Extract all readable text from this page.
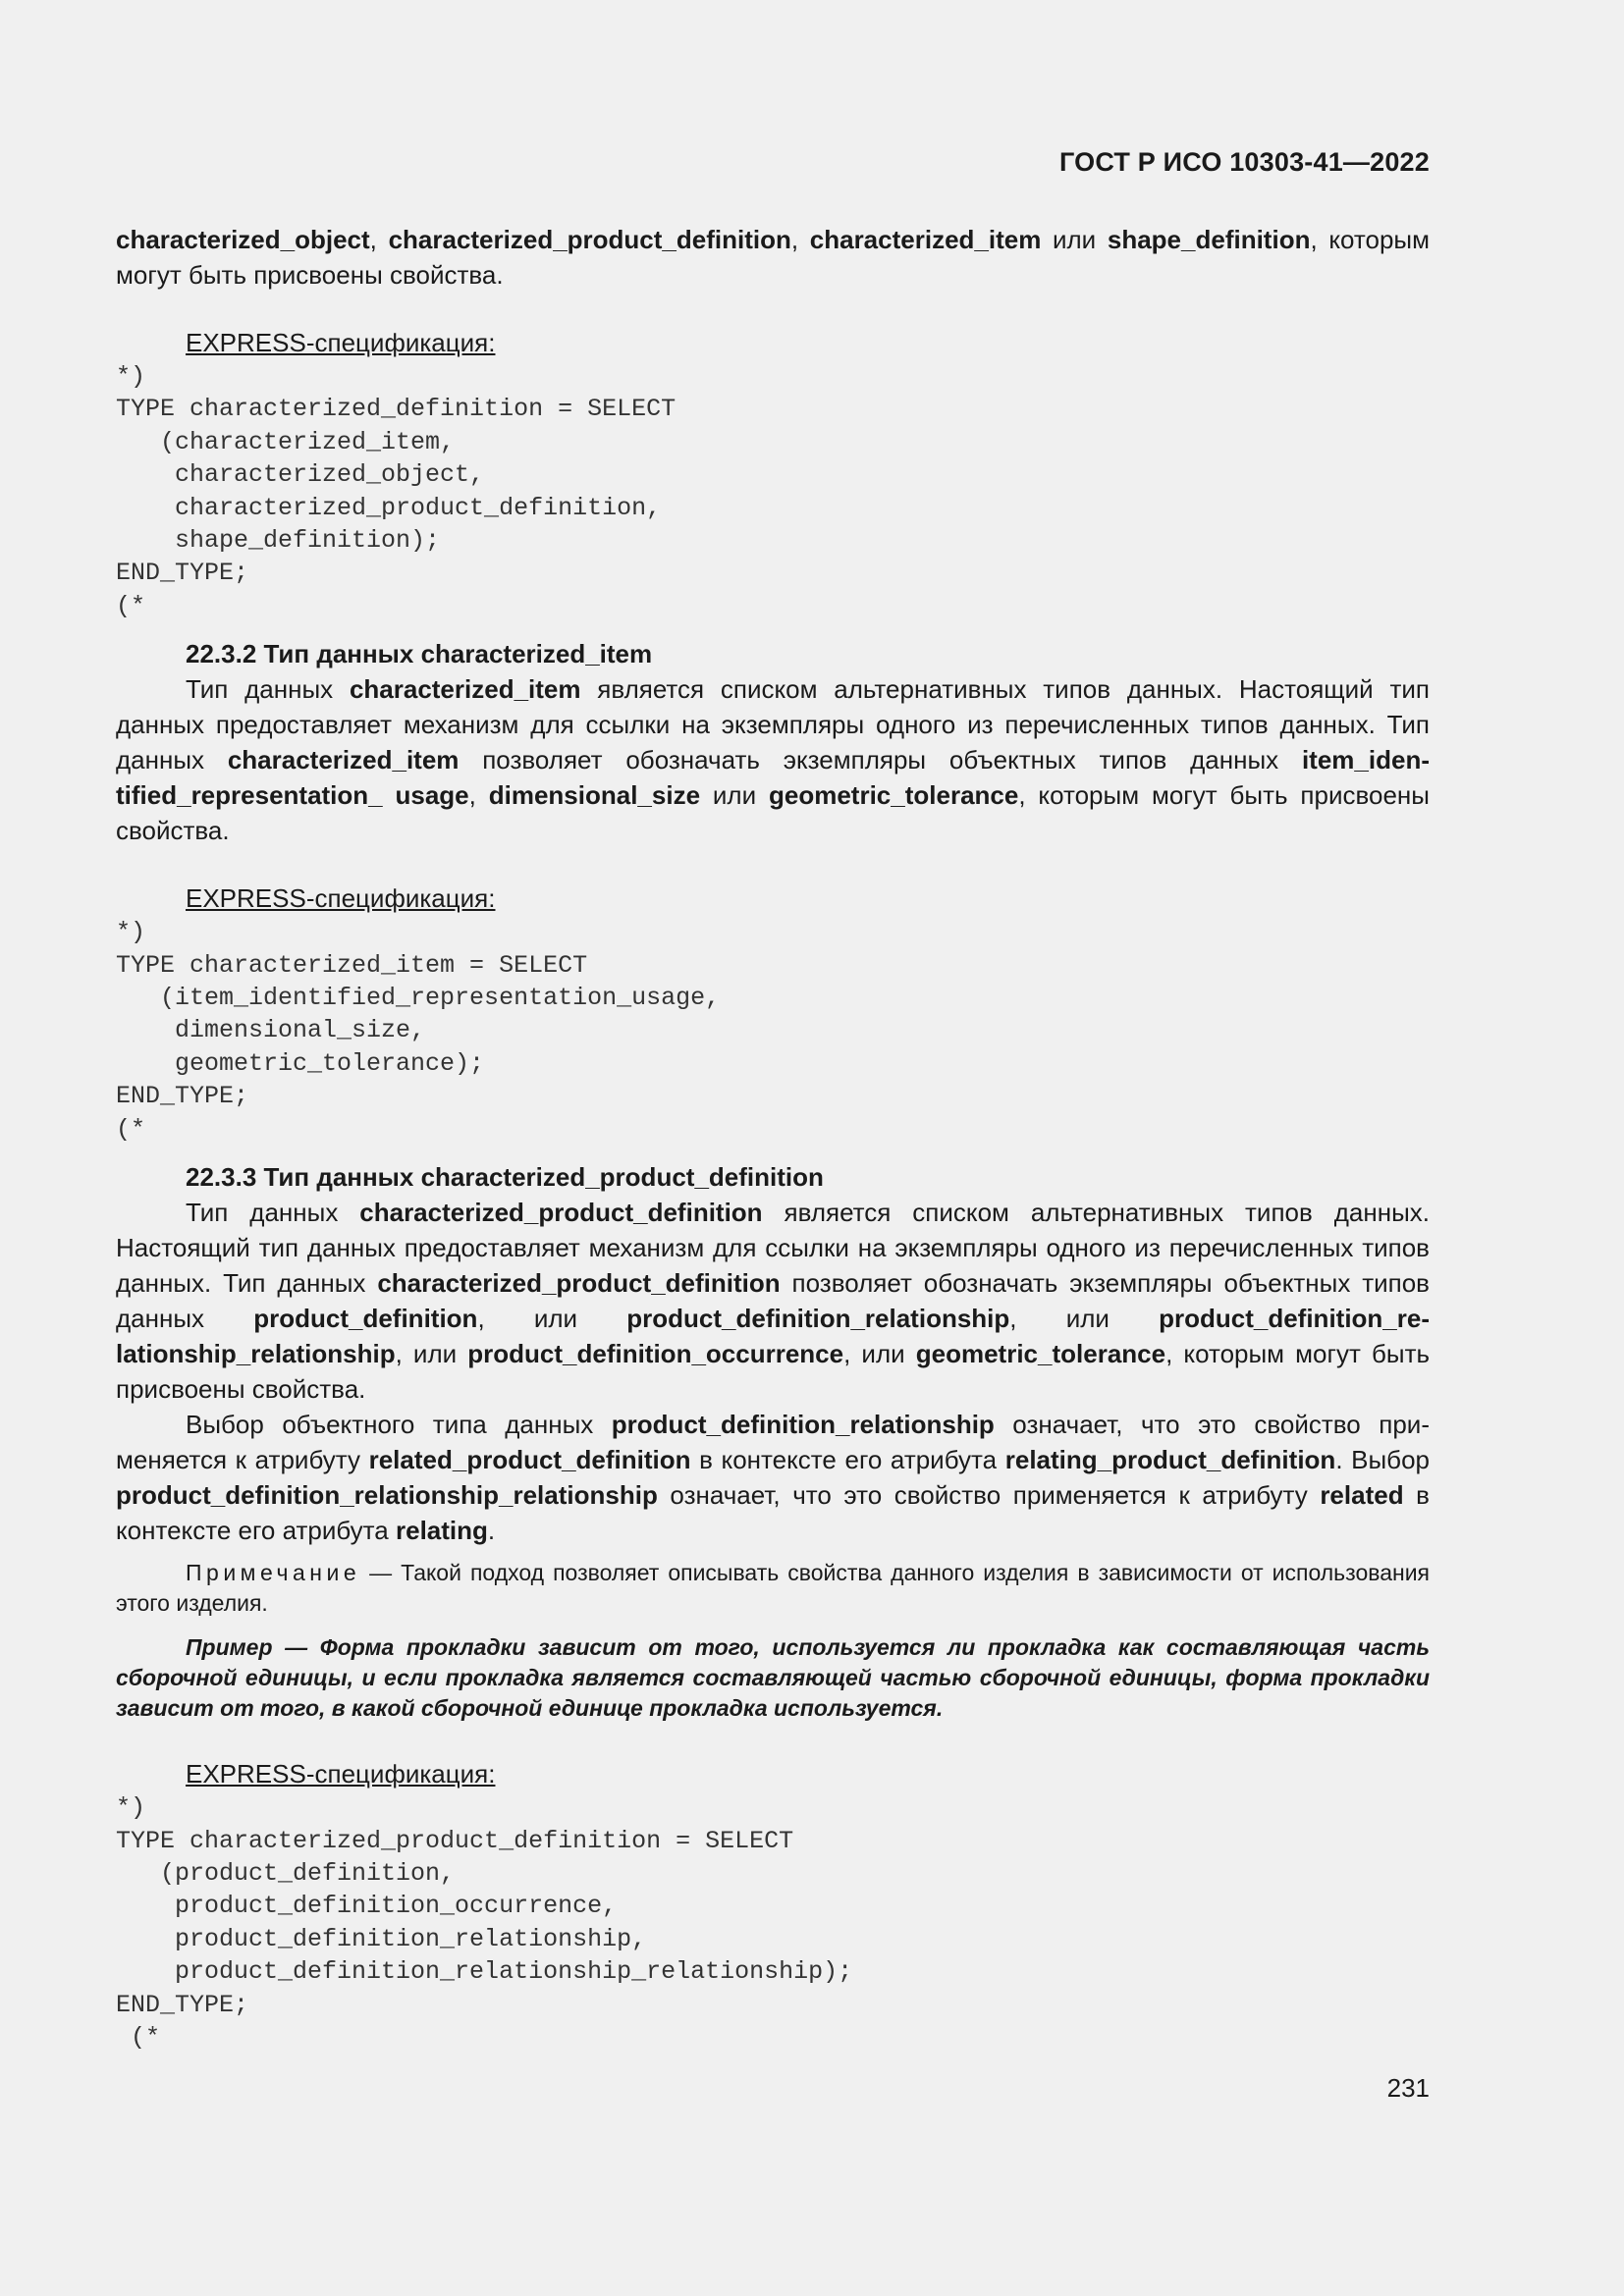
ГОСТ Р ИСО 10303-41—2022

characterized_object, characterized_product_definition, characterized_item или shape_definition, которым могут быть присвоены свойства.

EXPRESS-спецификация:
*)
TYPE characterized_definition = SELECT
(characterized_item,
characterized_object,
characterized_product_definition,
shape_definition);
END_TYPE;
(*
22.3.2 Тип данных characterized_item

Тип данных characterized_item является списком альтернативных типов данных. Настоящий тип данных предоставляет механизм для ссылки на экземпляры одного из перечисленных типов данных. Тип данных characterized_item позволяет обозначать экземпляры объектных типов данных item_identified_representation_ usage, dimensional_size или geometric_tolerance, которым могут быть присвоены свойства.

EXPRESS-спецификация:
*)
TYPE characterized_item = SELECT
(item_identified_representation_usage,
dimensional_size,
geometric_tolerance);
END_TYPE;
(*
22.3.3 Тип данных characterized_product_definition

Тип данных characterized_product_definition является списком альтернативных типов данных. Настоящий тип данных предоставляет механизм для ссылки на экземпляры одного из перечисленных типов данных. Тип данных characterized_product_definition позволяет обозначать экземпляры объектных типов данных product_definition, или product_definition_relationship, или product_definition_relationship_relationship, или product_definition_occurrence, или geometric_tolerance, которым могут быть присвоены свойства.

Выбор объектного типа данных product_definition_relationship означает, что это свойство применяется к атрибуту related_product_definition в контексте его атрибута relating_product_definition. Выбор product_definition_relationship_relationship означает, что это свойство применяется к атрибуту related в контексте его атрибута relating.

Примечание — Такой подход позволяет описывать свойства данного изделия в зависимости от использования этого изделия.
Пример — Форма прокладки зависит от того, используется ли прокладка как составляющая часть сборочной единицы, и если прокладка является составляющей частью сборочной единицы, форма прокладки зависит от того, в какой сборочной единице прокладка используется.
EXPRESS-спецификация:
*)
TYPE characterized_product_definition = SELECT
(product_definition,
product_definition_occurrence,
product_definition_relationship,
product_definition_relationship_relationship);
END_TYPE;
(*
231
